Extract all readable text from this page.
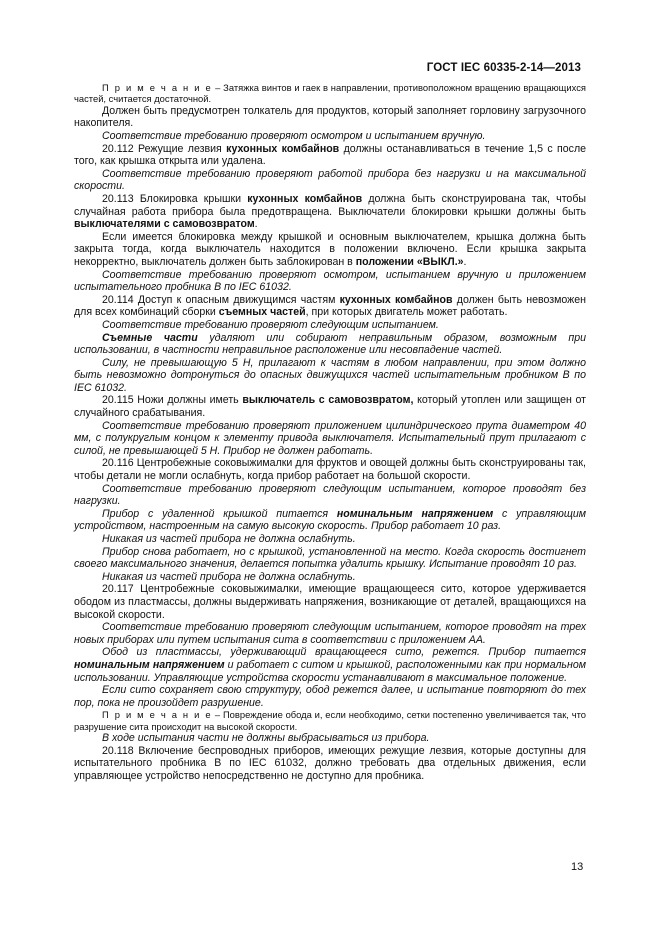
ГОСТ IEC 60335-2-14—2013

П р и м е ч а н и е – Затяжка винтов и гаек в направлении, противоположном вращению вращающихся частей, считается достаточной.

Должен быть предусмотрен толкатель для продуктов, который заполняет горловину загрузочного накопителя.

Соответствие требованию проверяют осмотром и испытанием вручную.

20.112 Режущие лезвия кухонных комбайнов должны останавливаться в течение 1,5 с после того, как крышка открыта или удалена.

Соответствие требованию проверяют работой прибора без нагрузки и на максимальной скорости.

20.113 Блокировка крышки кухонных комбайнов должна быть сконструирована так, чтобы случайная работа прибора была предотвращена. Выключатели блокировки крышки должны быть выключателями с самовозвратом.

Если имеется блокировка между крышкой и основным выключателем, крышка должна быть закрыта тогда, когда выключатель находится в положении включено. Если крышка закрыта некорректно, выключатель должен быть заблокирован в положении «ВЫКЛ.».

Соответствие требованию проверяют осмотром, испытанием вручную и приложением испытательного пробника В по IEC 61032.

20.114 Доступ к опасным движущимся частям кухонных комбайнов должен быть невозможен для всех комбинаций сборки съемных частей, при которых двигатель может работать.

Соответствие требованию проверяют следующим испытанием.

Съемные части удаляют или собирают неправильным образом, возможным при использовании, в частности неправильное расположение или несовпадение частей.

Силу, не превышающую 5 Н, прилагают к частям в любом направлении, при этом должно быть невозможно дотронуться до опасных движущихся частей испытательным пробником В по IEC 61032.

20.115 Ножи должны иметь выключатель с самовозвратом, который утоплен или защищен от случайного срабатывания.

Соответствие требованию проверяют приложением цилиндрического прута диаметром 40 мм, с полукруглым концом к элементу привода выключателя. Испытательный прут прилагают с силой, не превышающей 5 Н. Прибор не должен работать.

20.116 Центробежные соковыжималки для фруктов и овощей должны быть сконструированы так, чтобы детали не могли ослабнуть, когда прибор работает на большой скорости.

Соответствие требованию проверяют следующим испытанием, которое проводят без нагрузки.

Прибор с удаленной крышкой питается номинальным напряжением с управляющим устройством, настроенным на самую высокую скорость. Прибор работает 10 раз.

Никакая из частей прибора не должна ослабнуть.

Прибор снова работает, но с крышкой, установленной на место. Когда скорость достигнет своего максимального значения, делается попытка удалить крышку. Испытание проводят 10 раз.

Никакая из частей прибора не должна ослабнуть.

20.117 Центробежные соковыжималки, имеющие вращающееся сито, которое удерживается ободом из пластмассы, должны выдерживать напряжения, возникающие от деталей, вращающихся на высокой скорости.

Соответствие требованию проверяют следующим испытанием, которое проводят на трех новых приборах или путем испытания сита в соответствии с приложением АА.

Обод из пластмассы, удерживающий вращающееся сито, режется. Прибор питается номинальным напряжением и работает с ситом и крышкой, расположенными как при нормальном использовании. Управляющие устройства скорости устанавливают в максимальное положение.

Если сито сохраняет свою структуру, обод режется далее, и испытание повторяют до тех пор, пока не произойдет разрушение.

П р и м е ч а н и е – Повреждение обода и, если необходимо, сетки постепенно увеличивается так, что разрушение сита происходит на высокой скорости.

В ходе испытания части не должны выбрасываться из прибора.

20.118 Включение беспроводных приборов, имеющих режущие лезвия, которые доступны для испытательного пробника В по IEC 61032, должно требовать два отдельных движения, если управляющее устройство непосредственно не доступно для пробника.

13
